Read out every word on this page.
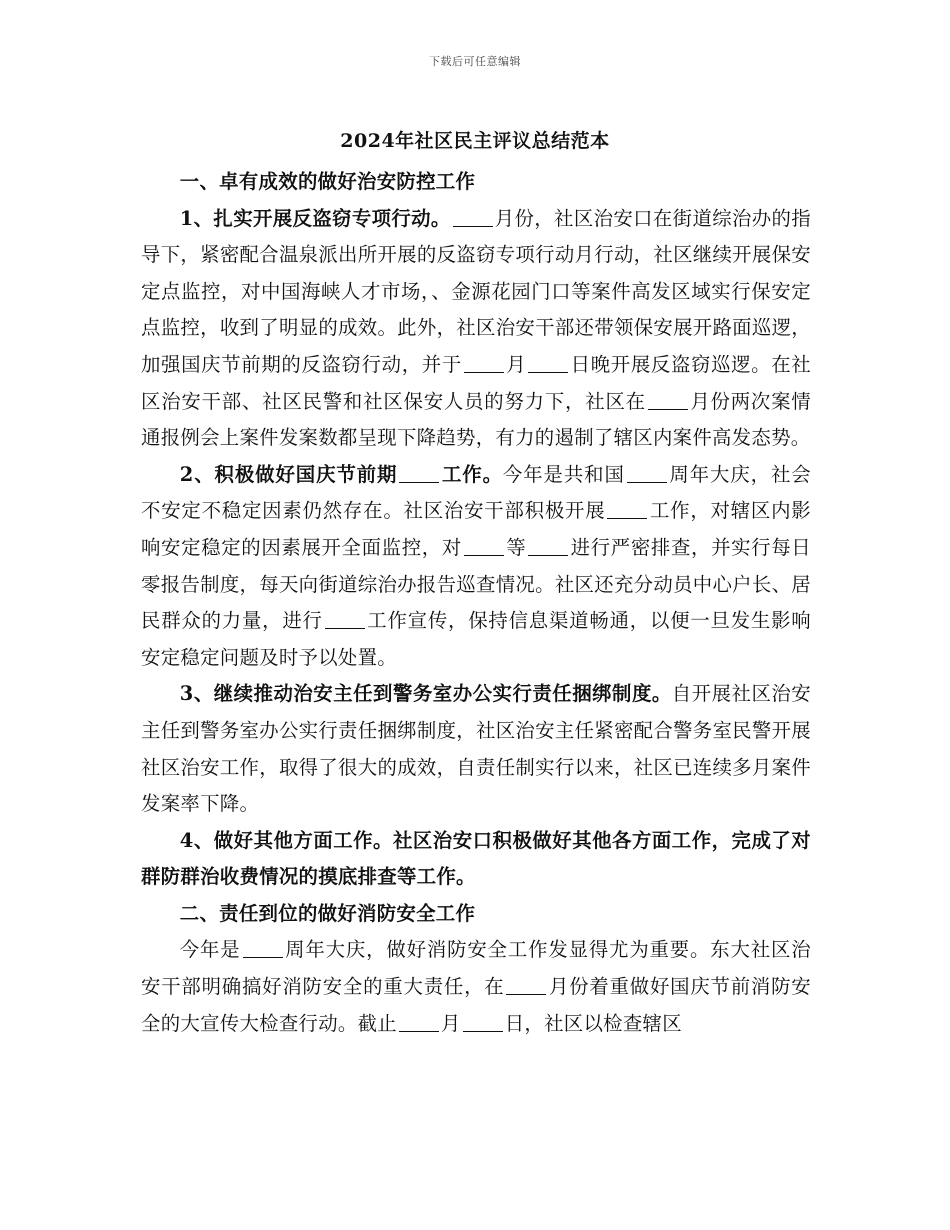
下载后可任意编辑
2024年社区民主评议总结范本

一、卓有成效的做好治安防控工作

1、扎实开展反盗窃专项行动。 月份，社区治安口在街道综治办的指导下，紧密配合温泉派出所开展的反盗窃专项行动月行动，社区继续开展保安定点监控，对中国海峡人才市场，、金源花园门口等案件高发区域实行保安定点监控，收到了明显的成效。此外，社区治安干部还带领保安展开路面巡逻，加强国庆节前期的反盗窃行动，并于 月 日晚开展反盗窃巡逻。在社区治安干部、社区民警和社区保安人员的努力下，社区在 月份两次案情通报例会上案件发案数都呈现下降趋势，有力的遏制了辖区内案件高发态势。

2、积极做好国庆节前期 工作。今年是共和国 周年大庆，社会不安定不稳定因素仍然存在。社区治安干部积极开展 工作，对辖区内影响安定稳定的因素展开全面监控，对 等 进行严密排查，并实行每日零报告制度，每天向街道综治办报告巡查情况。社区还充分动员中心户长、居民群众的力量，进行 工作宣传，保持信息渠道畅通，以便一旦发生影响安定稳定问题及时予以处置。

3、继续推动治安主任到警务室办公实行责任捆绑制度。自开展社区治安主任到警务室办公实行责任捆绑制度，社区治安主任紧密配合警务室民警开展社区治安工作，取得了很大的成效，自责任制实行以来，社区已连续多月案件发案率下降。

4、做好其他方面工作。社区治安口积极做好其他各方面工作，完成了对群防群治收费情况的摸底排查等工作。

二、责任到位的做好消防安全工作

今年是 周年大庆，做好消防安全工作发显得尤为重要。东大社区治安干部明确搞好消防安全的重大责任，在 月份着重做好国庆节前消防安全的大宣传大检查行动。截止 月 日，社区以检查辖区
